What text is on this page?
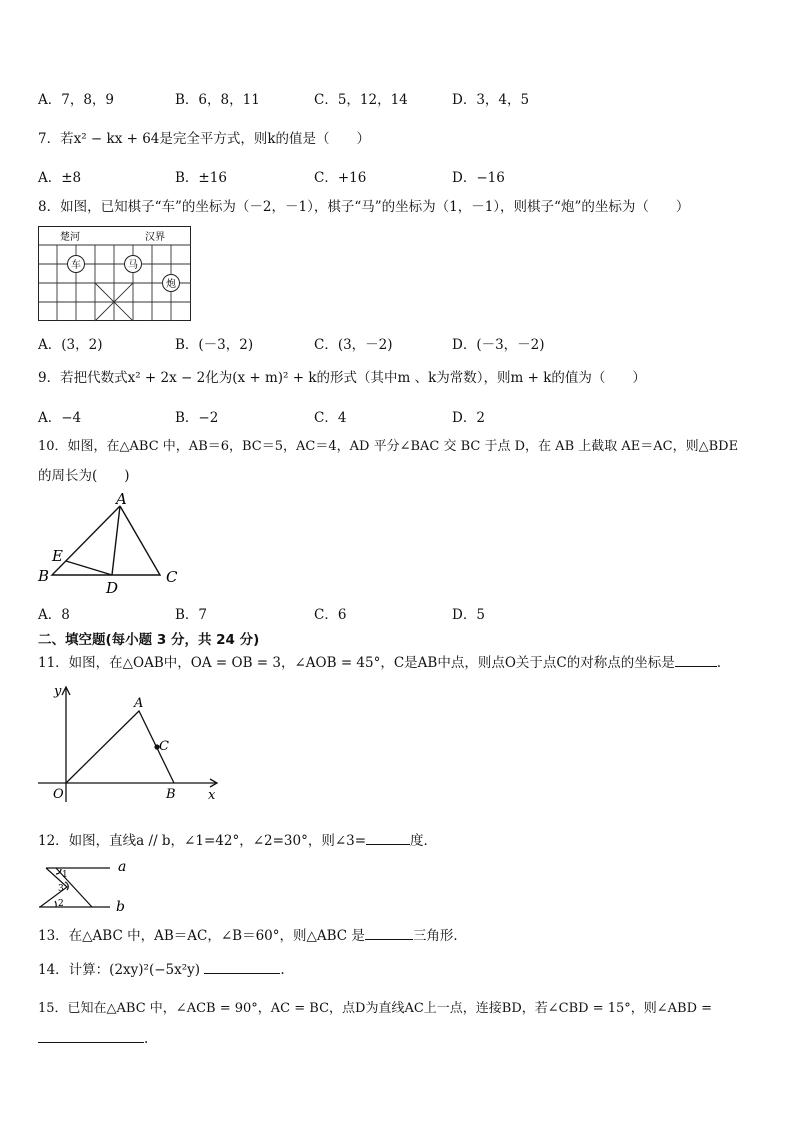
A．7，8，9	B．6，8，11	C．5，12，14	D．3，4，5
7．若x² − kx + 64是完全平方式，则k的值是（　　）
A．±8	B．±16	C．+16	D．−16
8．如图，已知棋子“车”的坐标为（－2，－1），棋子“马”的坐标为（1，－1），则棋子“炮”的坐标为（　　）
楚河	汉界
车	马
炮
A．(3，2)	B．(－3，2)	C．(3，－2)	D．(－3，－2)
9．若把代数式x² + 2x − 2化为(x + m)² + k的形式（其中m 、k为常数），则m + k的值为（　　）
A．−4	B．−2	C．4	D．2
10．如图，在△ABC 中，AB＝6，BC＝5，AC＝4，AD 平分∠BAC 交 BC 于点 D，在 AB 上截取 AE＝AC，则△BDE
的周长为(　　)
A
B	C
D
E
A．8	B．7	C．6	D．5
二、填空题(每小题 3 分，共 24 分)
11．如图，在△OAB中，OA = OB = 3，∠AOB = 45°，C是AB中点，则点O关于点C的对称点的坐标是	.
y
A
C
O	B x
12．如图，直线a // b，∠1=42°，∠2=30°，则∠3=	度．
1
3
2
a
b
13．在△ABC 中，AB＝AC，∠B＝60°，则△ABC 是	三角形．
14．计算：(2xy)²(−5x²y)	.
15．已知在△ABC 中，∠ACB = 90°，AC = BC，点D为直线AC上一点，连接BD，若∠CBD = 15°，则∠ABD =
.
